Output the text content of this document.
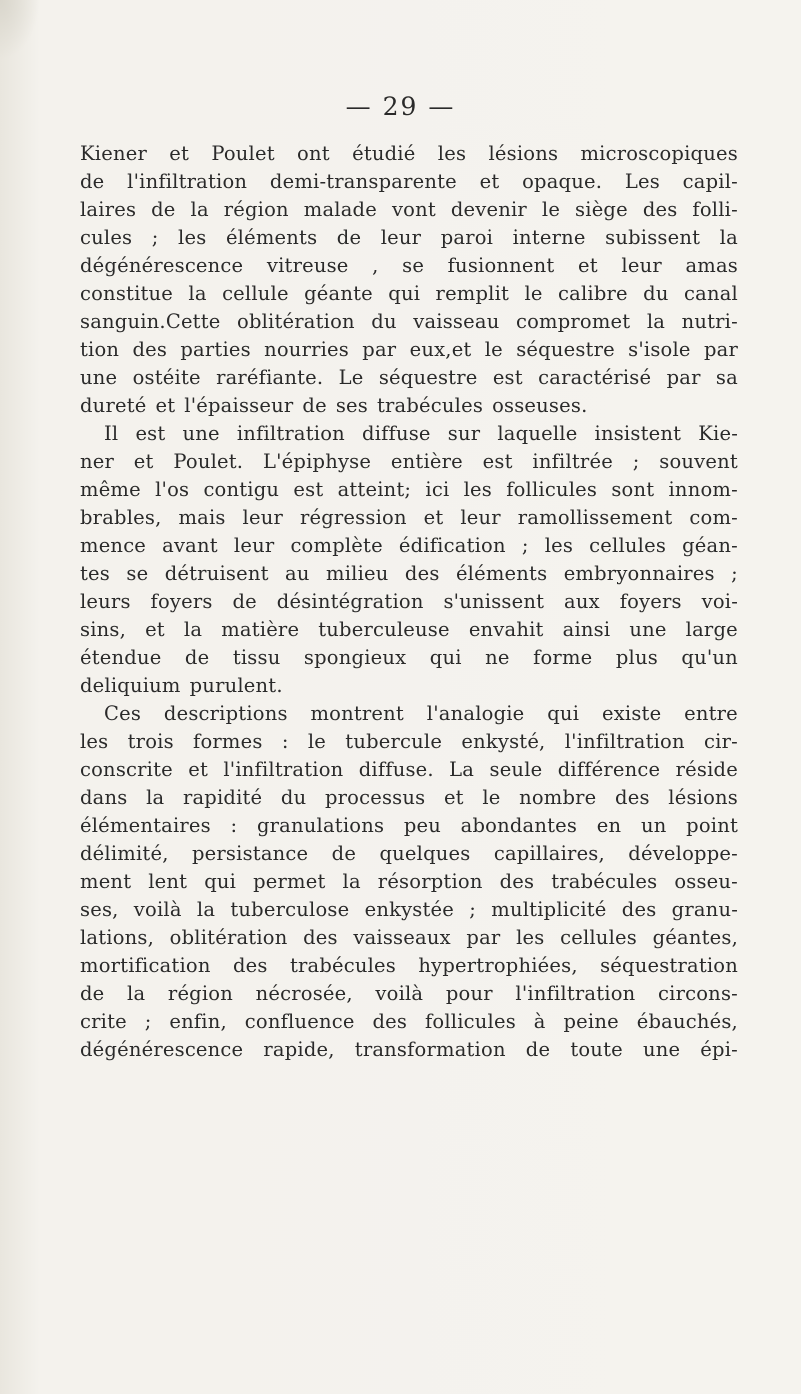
— 29 —
Kiener et Poulet ont étudié les lésions microscopiques
de l'infiltration demi-transparente et opaque. Les capil-
laires de la région malade vont devenir le siège des folli-
cules ; les éléments de leur paroi interne subissent la
dégénérescence vitreuse , se fusionnent et leur amas
constitue la cellule géante qui remplit le calibre du canal
sanguin.Cette oblitération du vaisseau compromet la nutri-
tion des parties nourries par eux,et le séquestre s'isole par
une ostéite raréfiante. Le séquestre est caractérisé par sa
dureté et l'épaisseur de ses trabécules osseuses.
Il est une infiltration diffuse sur laquelle insistent Kie-
ner et Poulet. L'épiphyse entière est infiltrée ; souvent
même l'os contigu est atteint; ici les follicules sont innom-
brables, mais leur régression et leur ramollissement com-
mence avant leur complète édification ; les cellules géan-
tes se détruisent au milieu des éléments embryonnaires ;
leurs foyers de désintégration s'unissent aux foyers voi-
sins, et la matière tuberculeuse envahit ainsi une large
étendue de tissu spongieux qui ne forme plus qu'un
deliquium purulent.
Ces descriptions montrent l'analogie qui existe entre
les trois formes : le tubercule enkysté, l'infiltration cir-
conscrite et l'infiltration diffuse. La seule différence réside
dans la rapidité du processus et le nombre des lésions
élémentaires : granulations peu abondantes en un point
délimité, persistance de quelques capillaires, développe-
ment lent qui permet la résorption des trabécules osseu-
ses, voilà la tuberculose enkystée ; multiplicité des granu-
lations, oblitération des vaisseaux par les cellules géantes,
mortification des trabécules hypertrophiées, séquestration
de la région nécrosée, voilà pour l'infiltration circons-
crite ; enfin, confluence des follicules à peine ébauchés,
dégénérescence rapide, transformation de toute une épi-
